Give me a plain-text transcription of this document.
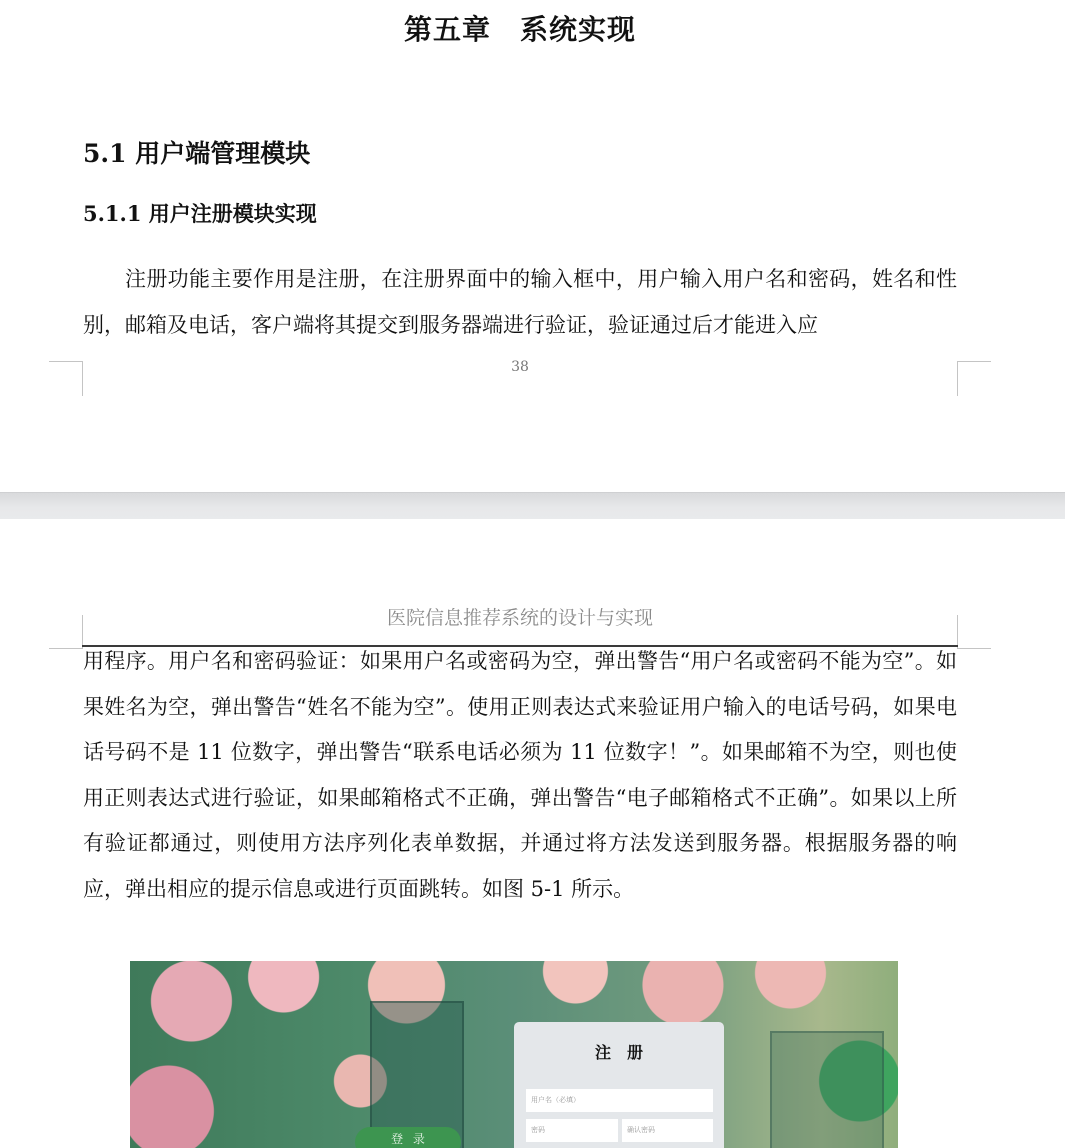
第五章　系统实现
5.1 用户端管理模块
5.1.1 用户注册模块实现
注册功能主要作用是注册，在注册界面中的输入框中，用户输入用户名和密码，姓名和性别，邮箱及电话，客户端将其提交到服务器端进行验证，验证通过后才能进入应
38
医院信息推荐系统的设计与实现
用程序。用户名和密码验证：如果用户名或密码为空，弹出警告“用户名或密码不能为空”。如果姓名为空，弹出警告“姓名不能为空”。使用正则表达式来验证用户输入的电话号码，如果电话号码不是 11 位数字，弹出警告“联系电话必须为 11 位数字！”。如果邮箱不为空，则也使用正则表达式进行验证，如果邮箱格式不正确，弹出警告“电子邮箱格式不正确”。如果以上所有验证都通过，则使用方法序列化表单数据，并通过将方法发送到服务器。根据服务器的响应，弹出相应的提示信息或进行页面跳转。如图 5-1 所示。
注　册
用户名（必填）
密码	确认密码
登 录
